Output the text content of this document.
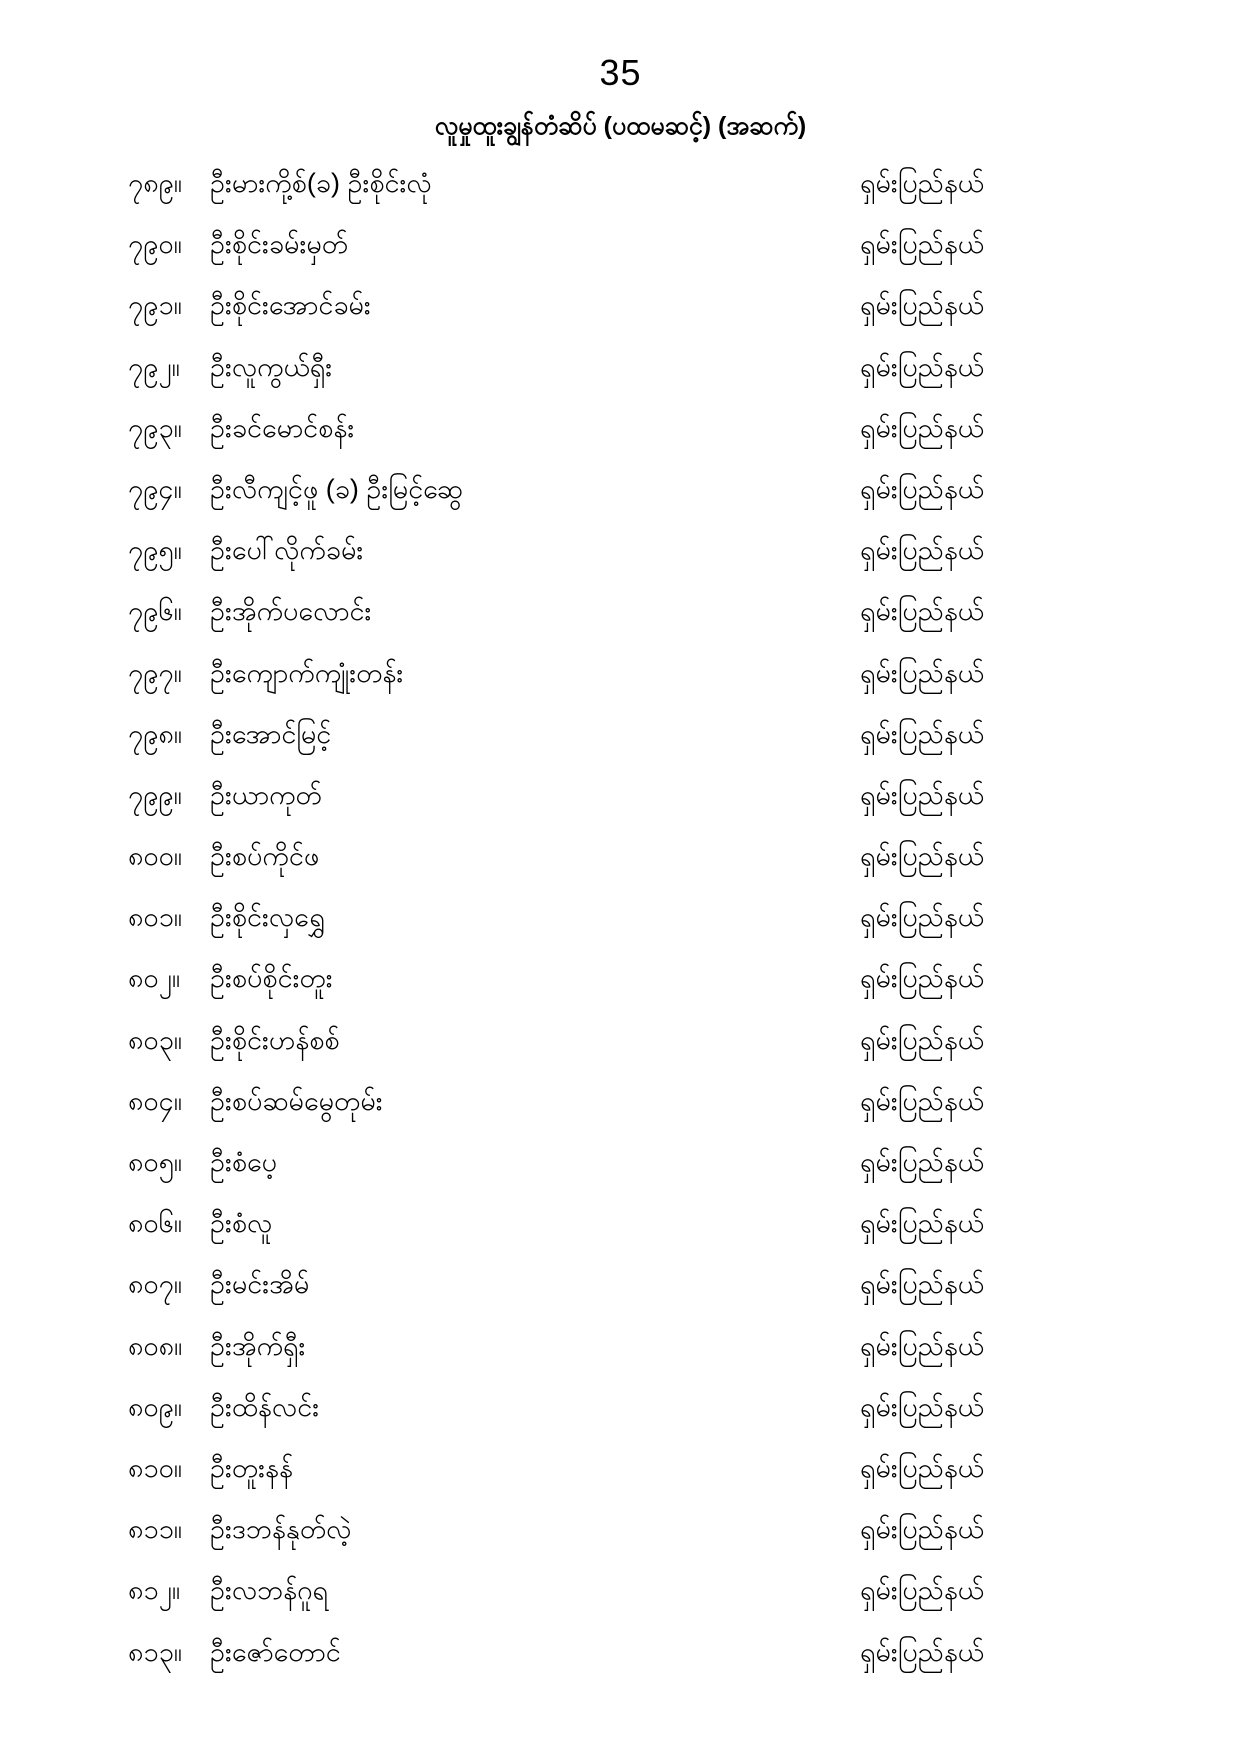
35
လူမှုထူးချွန်တံဆိပ် (ပထမဆင့်) (အဆက်)
၇၈၉။ ဦးမားကို့စ်(ခ) ဦးစိုင်းလုံ	ရှမ်းပြည်နယ်
၇၉၀။ ဦးစိုင်းခမ်းမှတ်	ရှမ်းပြည်နယ်
၇၉၁။ ဦးစိုင်းအောင်ခမ်း	ရှမ်းပြည်နယ်
၇၉၂။ ဦးလူကွယ်ရှီး	ရှမ်းပြည်နယ်
၇၉၃။ ဦးခင်မောင်စန်း	ရှမ်းပြည်နယ်
၇၉၄။ ဦးလီကျင့်ဖူ (ခ) ဦးမြင့်ဆွေ	ရှမ်းပြည်နယ်
၇၉၅။ ဦးပေါ်လိုက်ခမ်း	ရှမ်းပြည်နယ်
၇၉၆။ ဦးအိုက်ပလောင်း	ရှမ်းပြည်နယ်
၇၉၇။ ဦးကျောက်ကျုံးတန်း	ရှမ်းပြည်နယ်
၇၉၈။ ဦးအောင်မြင့်	ရှမ်းပြည်နယ်
၇၉၉။ ဦးယာကုတ်	ရှမ်းပြည်နယ်
၈၀၀။ ဦးစပ်ကိုင်ဖ	ရှမ်းပြည်နယ်
၈၀၁။ ဦးစိုင်းလှရွှေ	ရှမ်းပြည်နယ်
၈၀၂။ ဦးစပ်စိုင်းတူး	ရှမ်းပြည်နယ်
၈၀၃။ ဦးစိုင်းဟန်စစ်	ရှမ်းပြည်နယ်
၈၀၄။ ဦးစပ်ဆမ်မွေတုမ်း	ရှမ်းပြည်နယ်
၈၀၅။ ဦးစံပေ့	ရှမ်းပြည်နယ်
၈၀၆။ ဦးစံလူ	ရှမ်းပြည်နယ်
၈၀၇။ ဦးမင်းအိမ်	ရှမ်းပြည်နယ်
၈၀၈။ ဦးအိုက်ရှီး	ရှမ်းပြည်နယ်
၈၀၉။ ဦးထိန်လင်း	ရှမ်းပြည်နယ်
၈၁၀။ ဦးတူးနန်	ရှမ်းပြည်နယ်
၈၁၁။ ဦးဒဘန်နုတ်လဲ့	ရှမ်းပြည်နယ်
၈၁၂။ ဦးလဘန်ဂူရ	ရှမ်းပြည်နယ်
၈၁၃။ ဦးဇော်တောင်	ရှမ်းပြည်နယ်
